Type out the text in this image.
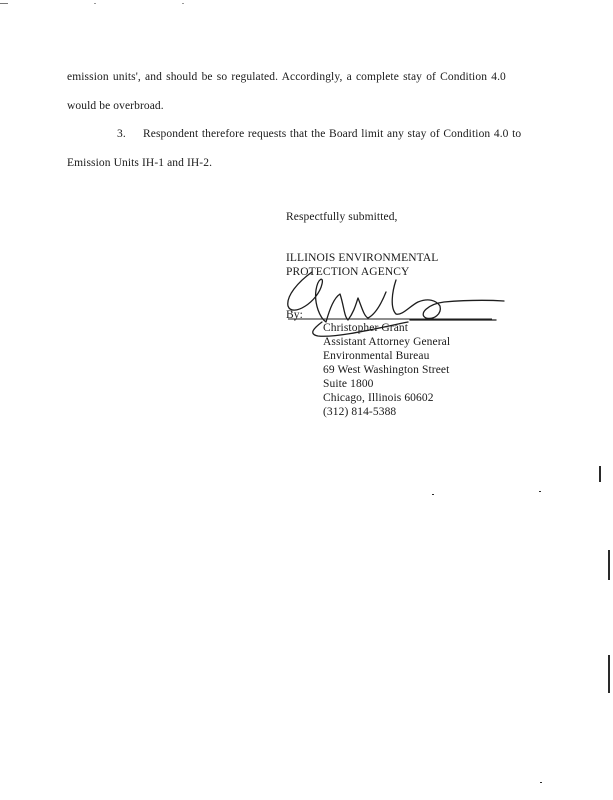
emission units', and should be so regulated. Accordingly, a complete stay of Condition 4.0
would be overbroad.
3. Respondent therefore requests that the Board limit any stay of Condition 4.0 to
Emission Units IH-1 and IH-2.
Respectfully submitted,
ILLINOIS ENVIRONMENTAL
PROTECTION AGENCY
By:
Christopher Grant
Assistant Attorney General
Environmental Bureau
69 West Washington Street
Suite 1800
Chicago, Illinois 60602
(312) 814-5388
